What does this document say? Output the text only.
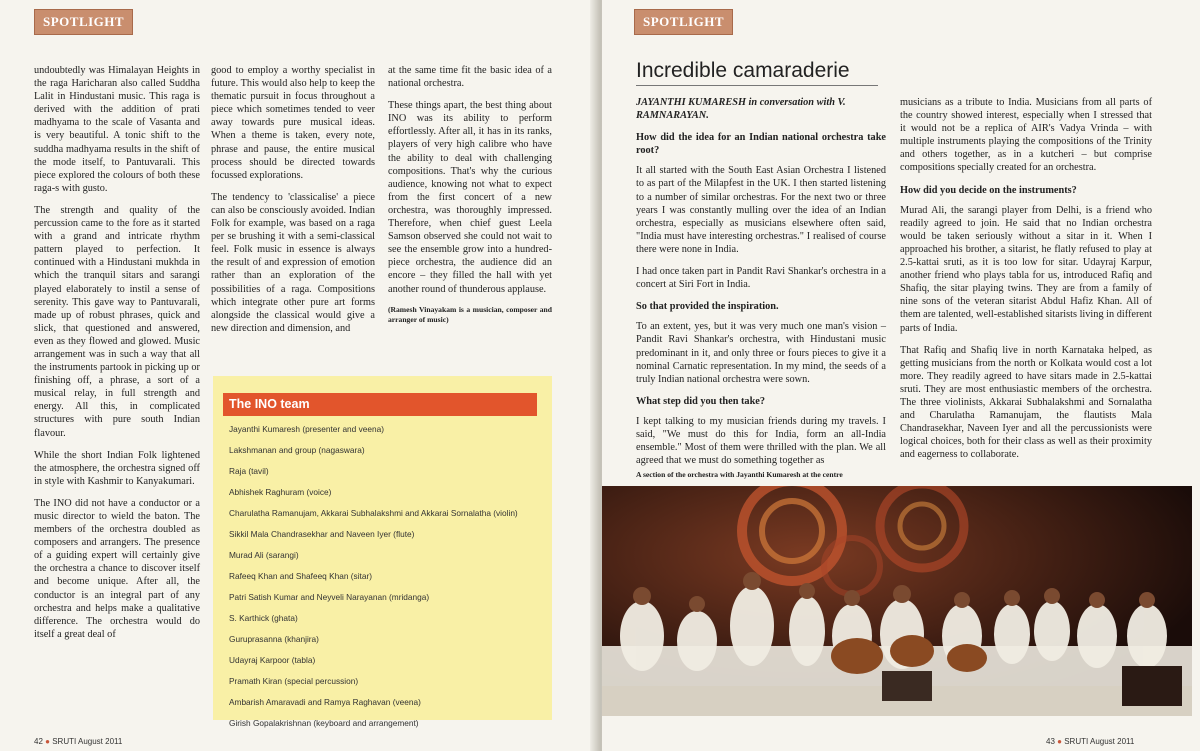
SPOTLIGHT

undoubtedly was Himalayan Heights in the raga Haricharan also called Suddha Lalit in Hindustani music. This raga is derived with the addition of prati madhyama to the scale of Vasanta and is very beautiful. A tonic shift to the suddha madhyama results in the shift of the mode itself, to Pantuvarali. This piece explored the colours of both these raga-s with gusto.

The strength and quality of the percussion came to the fore as it started with a grand and intricate rhythm pattern played to perfection. It continued with a Hindustani mukhda in which the tranquil sitars and sarangi played elaborately to instil a sense of serenity. This gave way to Pantuvarali, made up of robust phrases, quick and slick, that questioned and answered, even as they flowed and glowed. Music arrangement was in such a way that all the instruments partook in picking up or finishing off, a phrase, a sort of a musical relay, in full strength and energy. All this, in complicated structures with pure south Indian flavour.

While the short Indian Folk lightened the atmosphere, the orchestra signed off in style with Kashmir to Kanyakumari.

The INO did not have a conductor or a music director to wield the baton. The members of the orchestra doubled as composers and arrangers. The presence of a guiding expert will certainly give the orchestra a chance to discover itself and become unique. After all, the conductor is an integral part of any orchestra and helps make a qualitative difference. The orchestra would do itself a great deal of

good to employ a worthy specialist in future. This would also help to keep the thematic pursuit in focus throughout a piece which sometimes tended to veer away towards pure musical ideas. When a theme is taken, every note, phrase and pause, the entire musical process should be directed towards focussed explorations.

The tendency to 'classicalise' a piece can also be consciously avoided. Indian Folk for example, was based on a raga per se brushing it with a semi-classical feel. Folk music in essence is always the result of and expression of emotion rather than an exploration of the possibilities of a raga. Compositions which integrate other pure art forms alongside the classical would give a new direction and dimension, and

at the same time fit the basic idea of a national orchestra.

These things apart, the best thing about INO was its ability to perform effortlessly. After all, it has in its ranks, players of very high calibre who have the ability to deal with challenging compositions. That's why the curious audience, knowing not what to expect from the first concert of a new orchestra, was thoroughly impressed. Therefore, when chief guest Leela Samson observed she could not wait to see the ensemble grow into a hundred-piece orchestra, the audience did an encore – they filled the hall with yet another round of thunderous applause.

(Ramesh Vinayakam is a musician, composer and arranger of music)

The INO team
Jayanthi Kumaresh (presenter and veena)
Lakshmanan and group (nagaswara)
Raja (tavil)
Abhishek Raghuram (voice)
Charulatha Ramanujam, Akkarai Subhalakshmi and Akkarai Sornalatha (violin)
Sikkil Mala Chandrasekhar and Naveen Iyer (flute)
Murad Ali (sarangi)
Rafeeq Khan and Shafeeq Khan (sitar)
Patri Satish Kumar and Neyveli Narayanan (mridanga)
S. Karthick (ghata)
Guruprasanna (khanjira)
Udayraj Karpoor (tabla)
Pramath Kiran (special percussion)
Ambarish Amaravadi and Ramya Raghavan (veena)
Girish Gopalakrishnan (keyboard and arrangement)
42 ● SRUTI August 2011
SPOTLIGHT
Incredible camaraderie

JAYANTHI KUMARESH in conversation with V. RAMNARAYAN.

How did the idea for an Indian national orchestra take root?

It all started with the South East Asian Orchestra I listened to as part of the Milapfest in the UK. I then started listening to a number of similar orchestras. For the next two or three years I was constantly mulling over the idea of an Indian orchestra, especially as musicians elsewhere often said, "India must have interesting orchestras." I realised of course there were none in India.

I had once taken part in Pandit Ravi Shankar's orchestra in a concert at Siri Fort in India.

So that provided the inspiration.

To an extent, yes, but it was very much one man's vision – Pandit Ravi Shankar's orchestra, with Hindustani music predominant in it, and only three or fours pieces to give it a nominal Carnatic representation. In my mind, the seeds of a truly Indian national orchestra were sown.

What step did you then take?

I kept talking to my musician friends during my travels. I said, "We must do this for India, form an all-India ensemble." Most of them were thrilled with the plan. We all agreed that we must do something together as

musicians as a tribute to India. Musicians from all parts of the country showed interest, especially when I stressed that it would not be a replica of AIR's Vadya Vrinda – with multiple instruments playing the compositions of the Trinity and others together, as in a kutcheri – but comprise compositions specially created for an orchestra.

How did you decide on the instruments?

Murad Ali, the sarangi player from Delhi, is a friend who readily agreed to join. He said that no Indian orchestra would be taken seriously without a sitar in it. When I approached his brother, a sitarist, he flatly refused to play at 2.5-kattai sruti, as it is too low for sitar. Udayraj Karpur, another friend who plays tabla for us, introduced Rafiq and Shafiq, the sitar playing twins. They are from a family of nine sons of the veteran sitarist Abdul Hafiz Khan. All of them are talented, well-established sitarists living in different parts of India.

That Rafiq and Shafiq live in north Karnataka helped, as getting musicians from the north or Kolkata would cost a lot more. They readily agreed to have sitars made in 2.5-kattai sruti. They are most enthusiastic members of the orchestra. The three violinists, Akkarai Subhalakshmi and Sornalatha and Charulatha Ramanujam, the flautists Mala Chandrasekhar, Naveen Iyer and all the percussionists were logical choices, both for their class as well as their proximity and eagerness to collaborate.

A section of the orchestra with Jayanthi Kumaresh at the centre
43 ● SRUTI August 2011
